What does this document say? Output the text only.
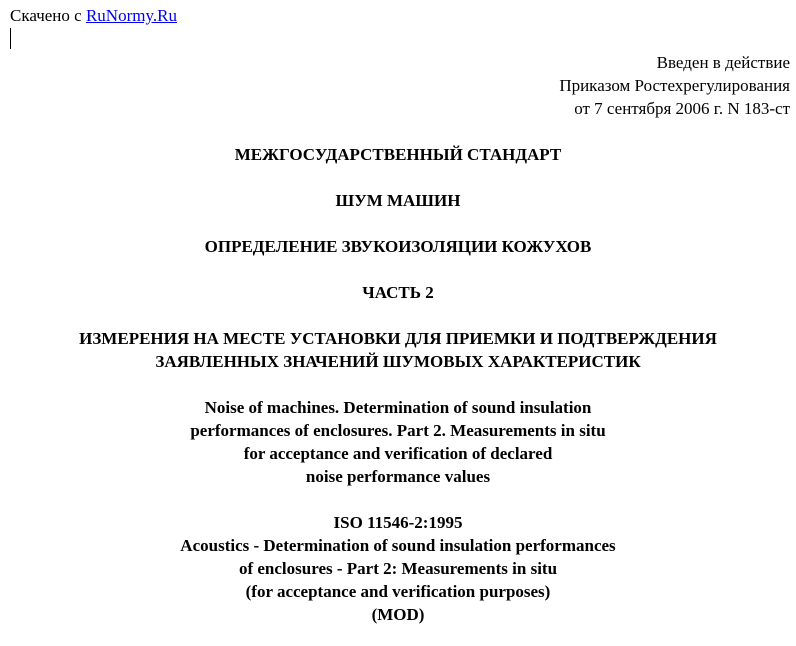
Скачено с RuNormy.Ru
Введен в действие
Приказом Ростехрегулирования
от 7 сентября 2006 г. N 183-ст
МЕЖГОСУДАРСТВЕННЫЙ СТАНДАРТ
ШУМ МАШИН
ОПРЕДЕЛЕНИЕ ЗВУКОИЗОЛЯЦИИ КОЖУХОВ
ЧАСТЬ 2
ИЗМЕРЕНИЯ НА МЕСТЕ УСТАНОВКИ ДЛЯ ПРИЕМКИ И ПОДТВЕРЖДЕНИЯ
ЗАЯВЛЕННЫХ ЗНАЧЕНИЙ ШУМОВЫХ ХАРАКТЕРИСТИК
Noise of machines. Determination of sound insulation
performances of enclosures. Part 2. Measurements in situ
for acceptance and verification of declared
noise performance values
ISO 11546-2:1995
Acoustics - Determination of sound insulation performances
of enclosures - Part 2: Measurements in situ
(for acceptance and verification purposes)
(MOD)
